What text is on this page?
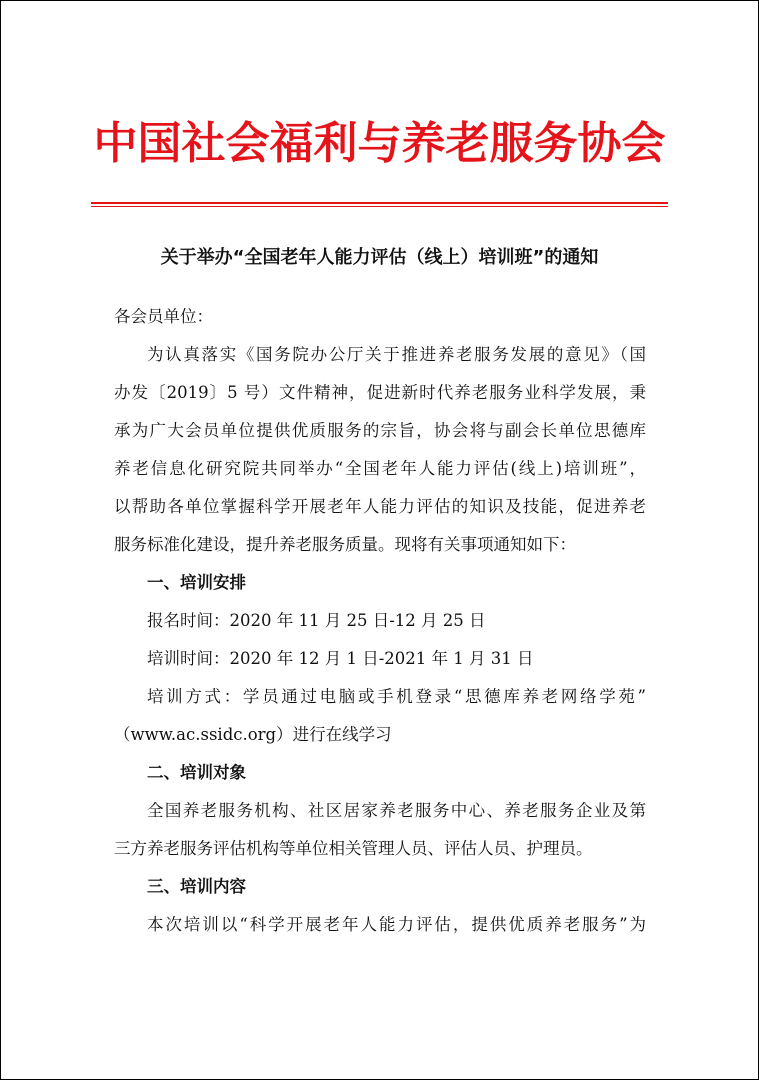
中国社会福利与养老服务协会
关于举办“全国老年人能力评估（线上）培训班”的通知

各会员单位：

为认真落实《国务院办公厅关于推进养老服务发展的意见》（国
办发〔2019〕5 号）文件精神，促进新时代养老服务业科学发展，秉
承为广大会员单位提供优质服务的宗旨，协会将与副会长单位思德库
养老信息化研究院共同举办“全国老年人能力评估(线上)培训班”，
以帮助各单位掌握科学开展老年人能力评估的知识及技能，促进养老
服务标准化建设，提升养老服务质量。现将有关事项通知如下：

一、培训安排

报名时间：2020 年 11 月 25 日-12 月 25 日
培训时间：2020 年 12 月 1 日-2021 年 1 月 31 日
培训方式：学员通过电脑或手机登录“思德库养老网络学苑”
（www.ac.ssidc.org）进行在线学习

二、培训对象

全国养老服务机构、社区居家养老服务中心、养老服务企业及第
三方养老服务评估机构等单位相关管理人员、评估人员、护理员。

三、培训内容

本次培训以“科学开展老年人能力评估，提供优质养老服务”为
